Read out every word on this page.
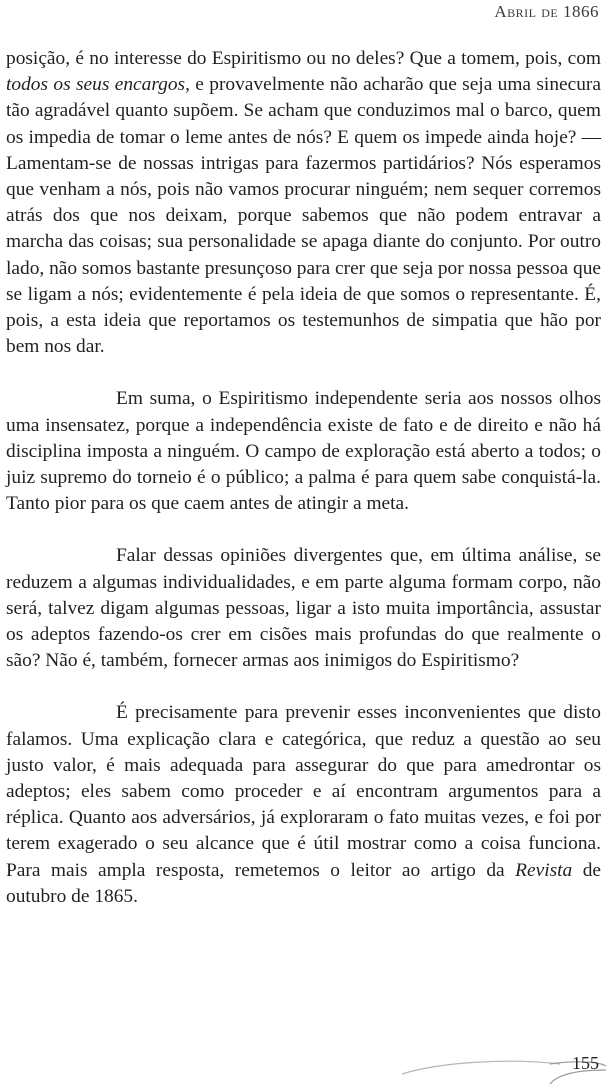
Abril de 1866

posição, é no interesse do Espiritismo ou no deles? Que a tomem, pois, com todos os seus encargos, e provavelmente não acharão que seja uma sinecura tão agradável quanto supõem. Se acham que conduzimos mal o barco, quem os impedia de tomar o leme antes de nós? E quem os impede ainda hoje? — Lamentam-se de nossas intrigas para fazermos partidários? Nós esperamos que venham a nós, pois não vamos procurar ninguém; nem sequer corremos atrás dos que nos deixam, porque sabemos que não podem entravar a marcha das coisas; sua personalidade se apaga diante do conjunto. Por outro lado, não somos bastante presunçoso para crer que seja por nossa pessoa que se ligam a nós; evidentemente é pela ideia de que somos o representante. É, pois, a esta ideia que reportamos os testemunhos de simpatia que hão por bem nos dar.

Em suma, o Espiritismo independente seria aos nossos olhos uma insensatez, porque a independência existe de fato e de direito e não há disciplina imposta a ninguém. O campo de exploração está aberto a todos; o juiz supremo do torneio é o público; a palma é para quem sabe conquistá-la. Tanto pior para os que caem antes de atingir a meta.

Falar dessas opiniões divergentes que, em última análise, se reduzem a algumas individualidades, e em parte alguma formam corpo, não será, talvez digam algumas pessoas, ligar a isto muita importância, assustar os adeptos fazendo-os crer em cisões mais profundas do que realmente o são? Não é, também, fornecer armas aos inimigos do Espiritismo?

É precisamente para prevenir esses inconvenientes que disto falamos. Uma explicação clara e categórica, que reduz a questão ao seu justo valor, é mais adequada para assegurar do que para amedrontar os adeptos; eles sabem como proceder e aí encontram argumentos para a réplica. Quanto aos adversários, já exploraram o fato muitas vezes, e foi por terem exagerado o seu alcance que é útil mostrar como a coisa funciona. Para mais ampla resposta, remetemos o leitor ao artigo da Revista de outubro de 1865.

155
